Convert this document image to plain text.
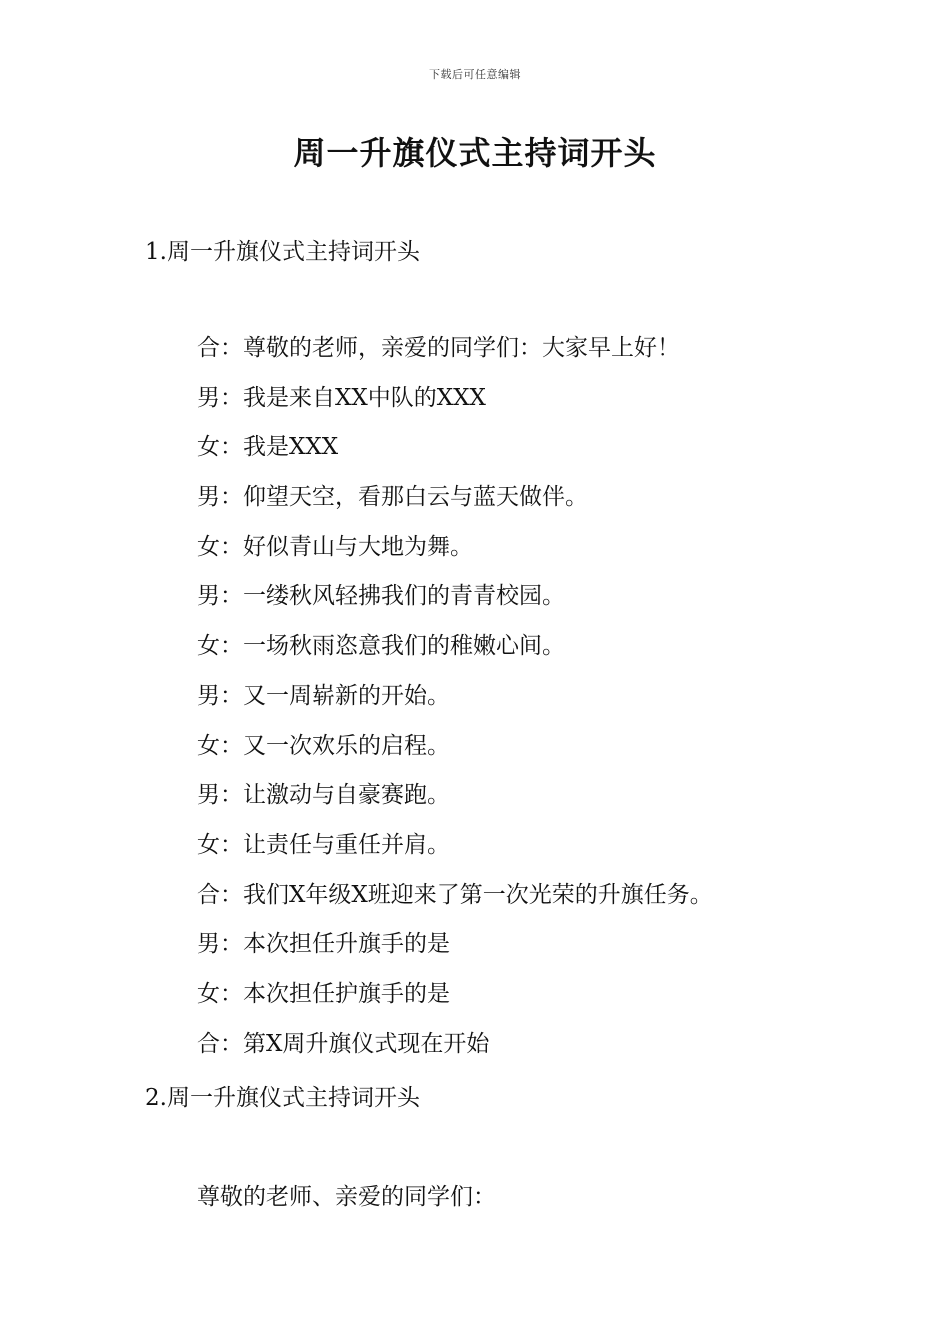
下载后可任意编辑
周一升旗仪式主持词开头
1.周一升旗仪式主持词开头
合：尊敬的老师，亲爱的同学们：大家早上好！
男：我是来自XX中队的XXX
女：我是XXX
男：仰望天空，看那白云与蓝天做伴。
女：好似青山与大地为舞。
男：一缕秋风轻拂我们的青青校园。
女：一场秋雨恣意我们的稚嫩心间。
男：又一周崭新的开始。
女：又一次欢乐的启程。
男：让激动与自豪赛跑。
女：让责任与重任并肩。
合：我们X年级X班迎来了第一次光荣的升旗任务。
男：本次担任升旗手的是
女：本次担任护旗手的是
合：第X周升旗仪式现在开始
2.周一升旗仪式主持词开头

尊敬的老师、亲爱的同学们：
